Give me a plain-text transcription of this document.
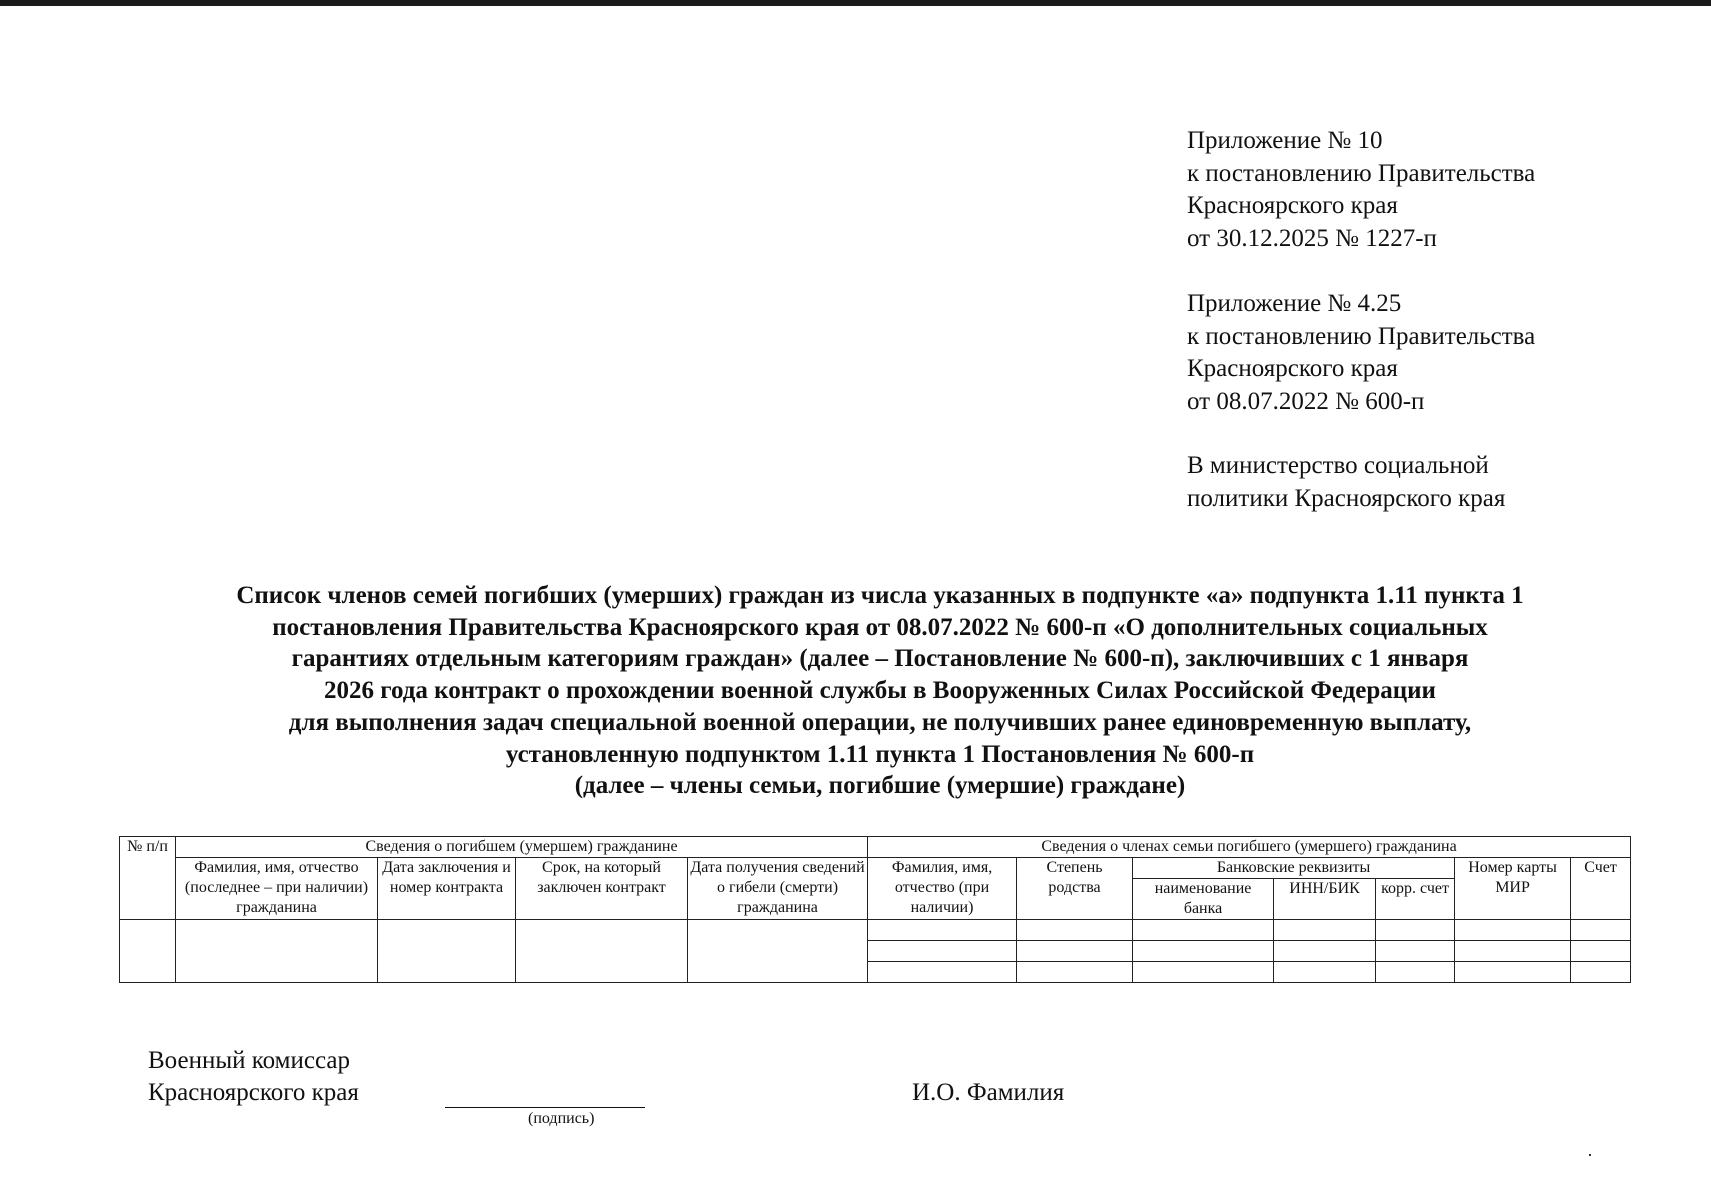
Приложение № 10
к постановлению Правительства
Красноярского края
от 30.12.2025 № 1227-п
Приложение № 4.25
к постановлению Правительства
Красноярского края
от 08.07.2022 № 600-п
В министерство социальной
политики Красноярского края
Список членов семей погибших (умерших) граждан из числа указанных в подпункте «а» подпункта 1.11 пункта 1
постановления Правительства Красноярского края от 08.07.2022 № 600-п «О дополнительных социальных
гарантиях отдельным категориям граждан» (далее – Постановление № 600-п), заключивших с 1 января
2026 года контракт о прохождении военной службы в Вооруженных Силах Российской Федерации
для выполнения задач специальной военной операции, не получивших ранее единовременную выплату,
установленную подпунктом 1.11 пункта 1 Постановления № 600-п
(далее – члены семьи, погибшие (умершие) граждане)
№ п/п	Сведения о погибшем (умершем) гражданине				Сведения о членах семьи погибшего (умершего) гражданина						
	Фамилия, имя, отчество (последнее – при наличии) гражданина	Дата заключения и номер контракта	Срок, на который заключен контракт	Дата получения сведений о гибели (смерти) гражданина	Фамилия, имя, отчество (при наличии)	Степень родства	Банковские реквизиты			Номер карты МИР	Счет
							наименование банка	ИНН/БИК	корр. счет		

Военный комиссар
Красноярского края
(подпись)
И.О. Фамилия
